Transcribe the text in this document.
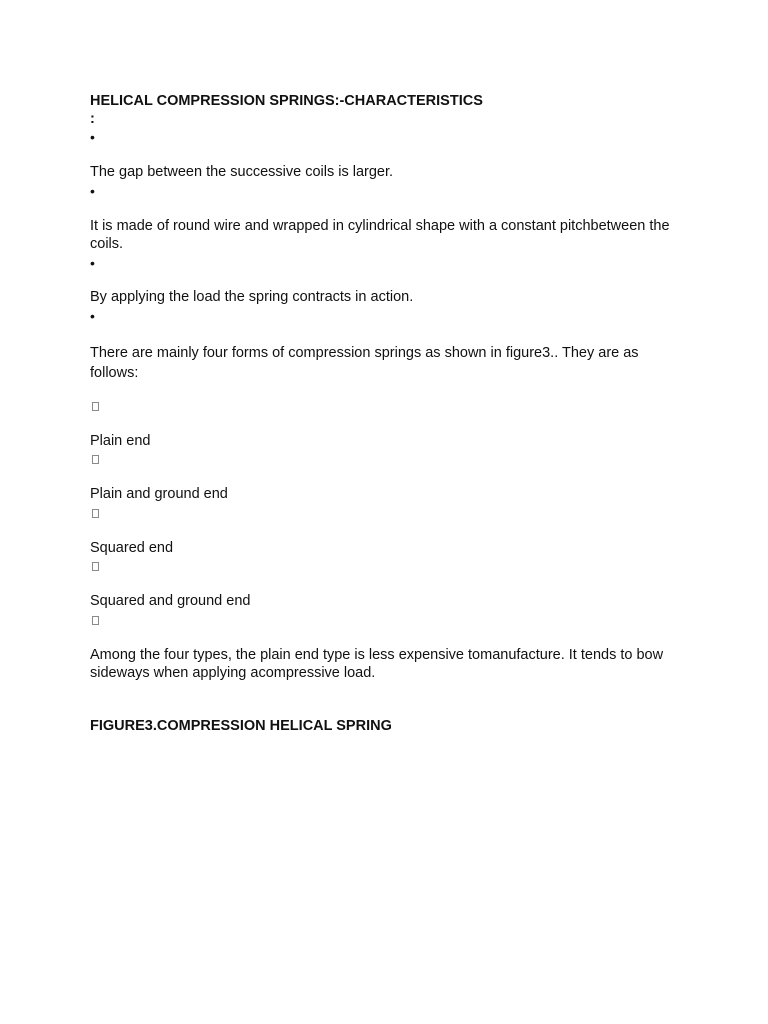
HELICAL COMPRESSION SPRINGS:-CHARACTERISTICS

:

•

The gap between the successive coils is larger.

•

It is made of round wire and wrapped in cylindrical shape with a constant pitchbetween the coils.

•

By applying the load the spring contracts in action.

•

There are mainly four forms of compression springs as shown in figure3.. They are as follows:

Plain end

Plain and ground end

Squared end

Squared and ground end

Among the four types, the plain end type is less expensive tomanufacture. It tends to bow sideways when applying acompressive load.

FIGURE3.COMPRESSION HELICAL SPRING
